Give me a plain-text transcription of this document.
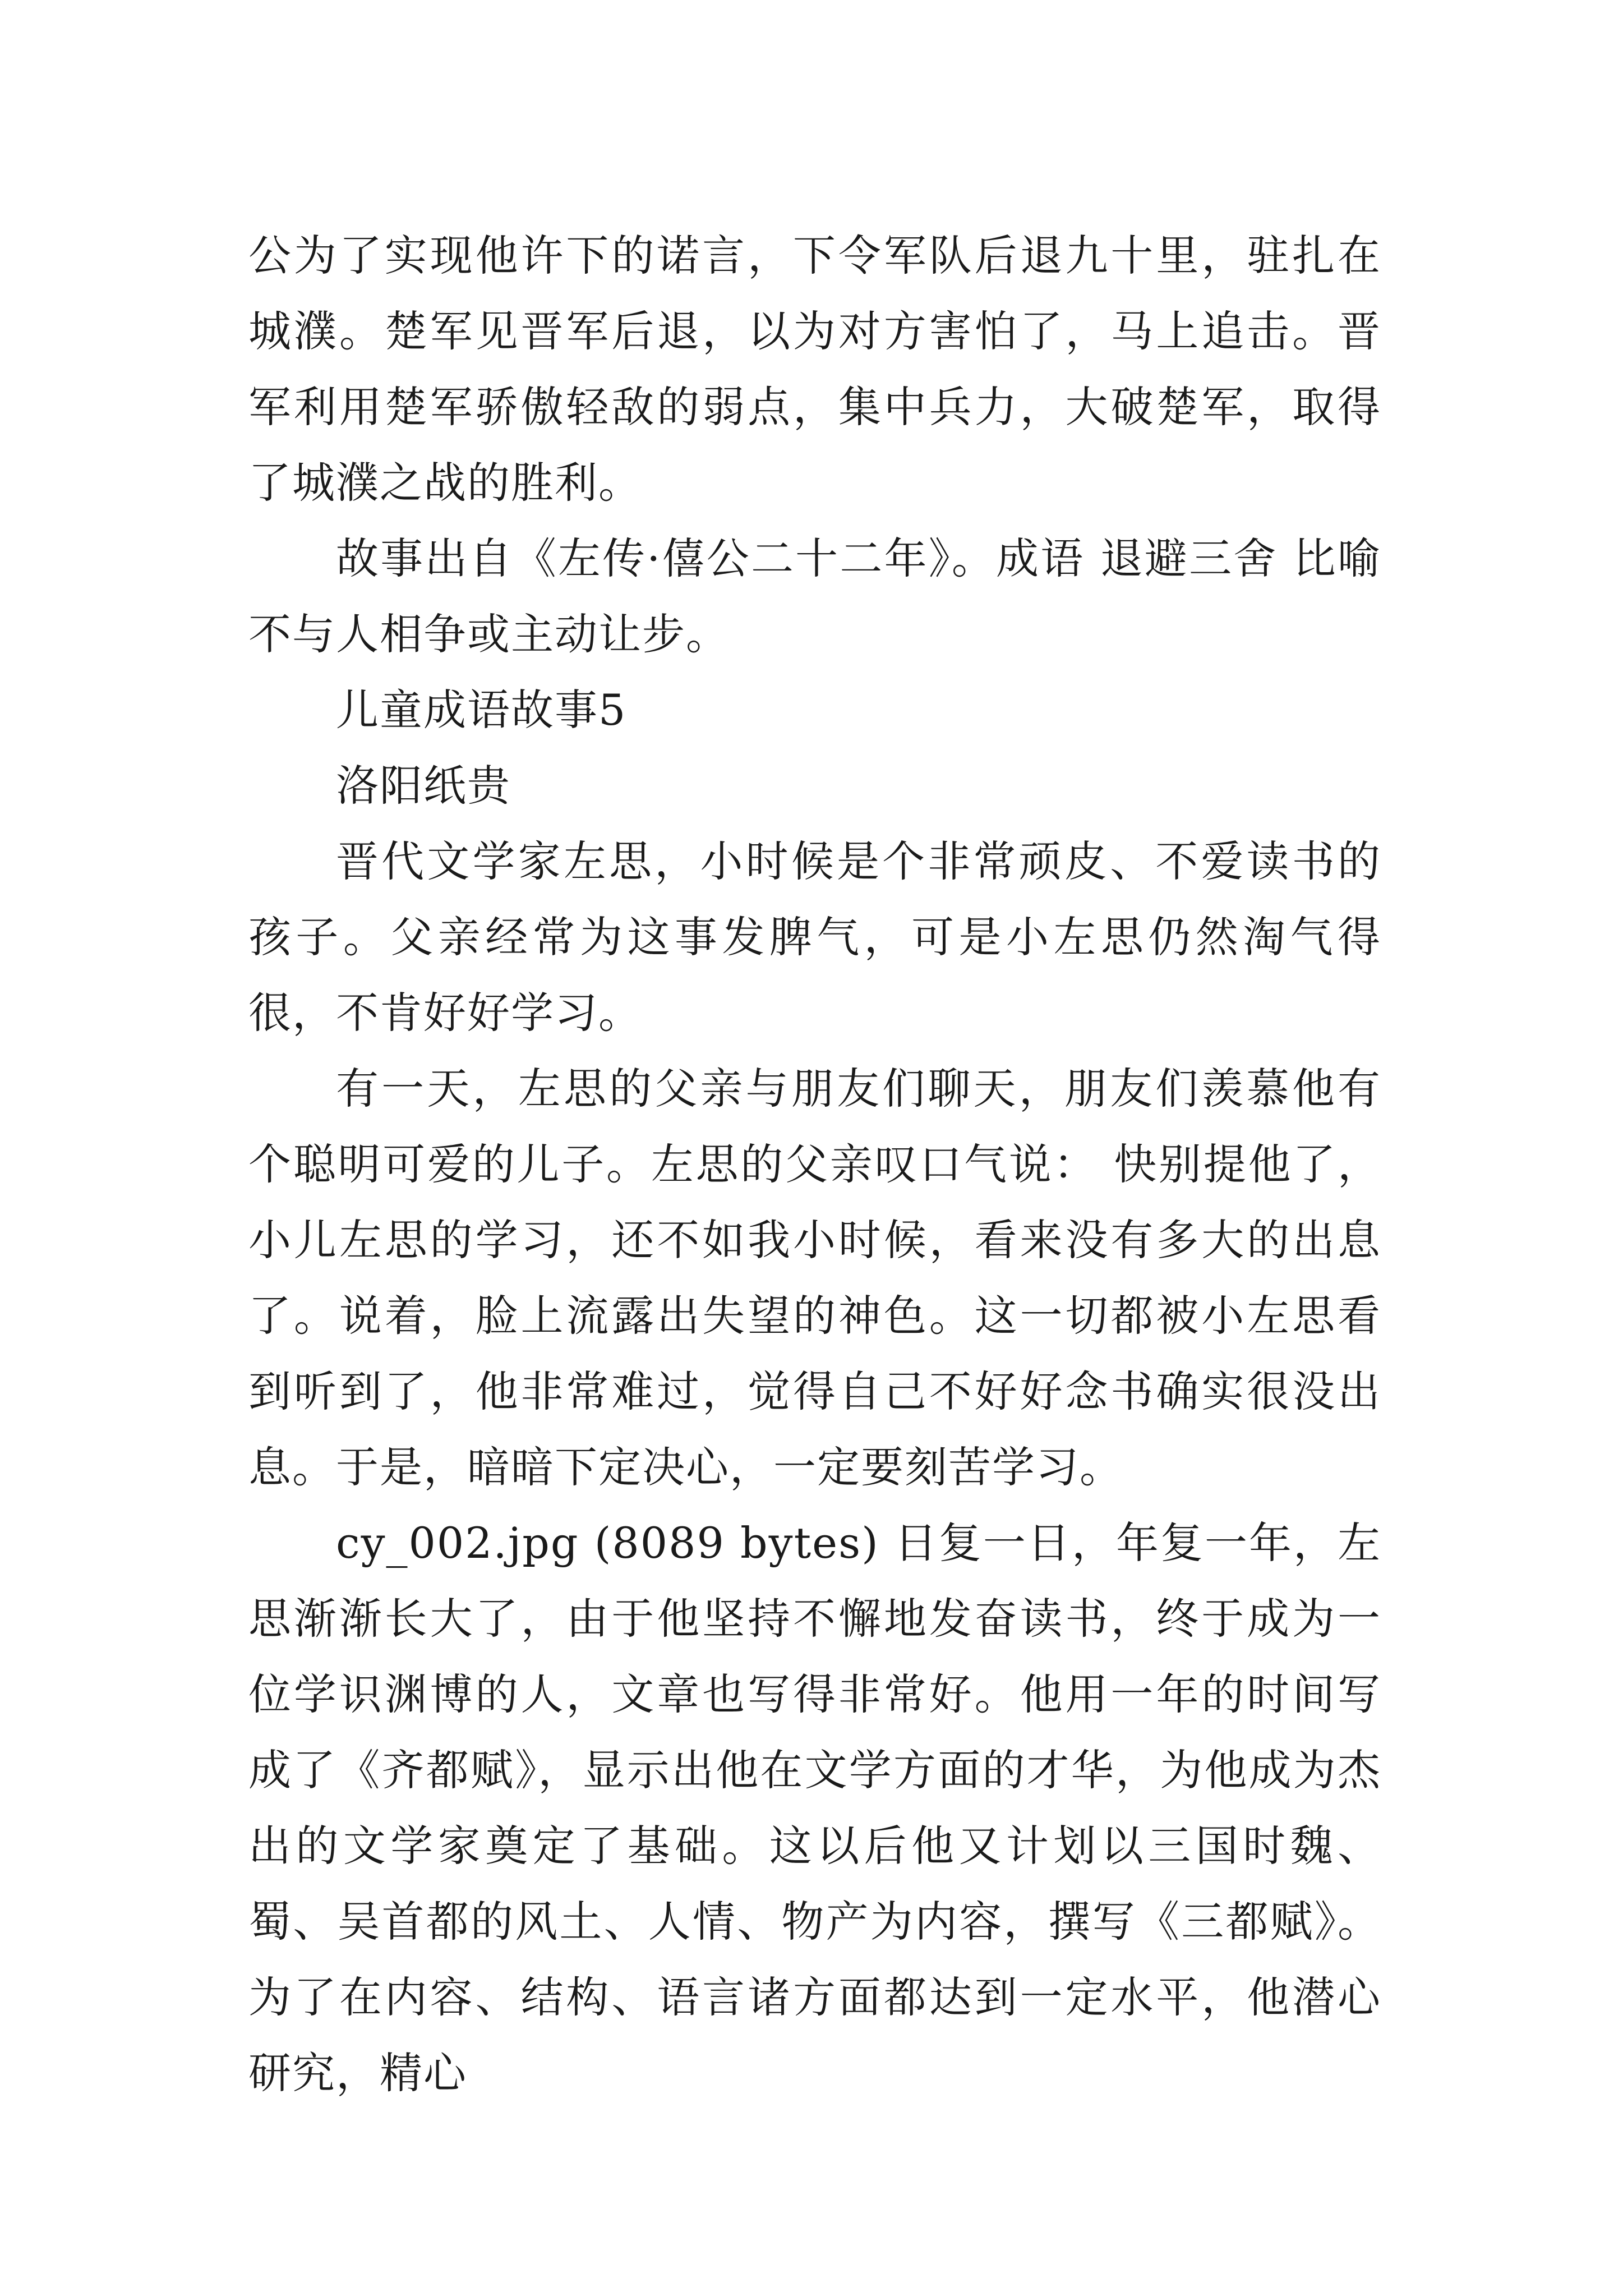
公为了实现他许下的诺言，下令军队后退九十里，驻扎在城濮。楚军见晋军后退，以为对方害怕了，马上追击。晋军利用楚军骄傲轻敌的弱点，集中兵力，大破楚军，取得了城濮之战的胜利。

故事出自《左传·僖公二十二年》。成语 退避三舍 比喻不与人相争或主动让步。

儿童成语故事5

洛阳纸贵

晋代文学家左思，小时候是个非常顽皮、不爱读书的孩子。父亲经常为这事发脾气，可是小左思仍然淘气得很，不肯好好学习。

有一天，左思的父亲与朋友们聊天，朋友们羡慕他有个聪明可爱的儿子。左思的父亲叹口气说： 快别提他了，小儿左思的学习，还不如我小时候，看来没有多大的出息了。说着，脸上流露出失望的神色。这一切都被小左思看到听到了，他非常难过，觉得自己不好好念书确实很没出息。于是，暗暗下定决心，一定要刻苦学习。

cy_002.jpg (8089 bytes) 日复一日，年复一年，左思渐渐长大了，由于他坚持不懈地发奋读书，终于成为一位学识渊博的人，文章也写得非常好。他用一年的时间写成了《齐都赋》，显示出他在文学方面的才华，为他成为杰出的文学家奠定了基础。这以后他又计划以三国时魏、蜀、吴首都的风土、人情、物产为内容，撰写《三都赋》。为了在内容、结构、语言诸方面都达到一定水平，他潜心研究，精心
